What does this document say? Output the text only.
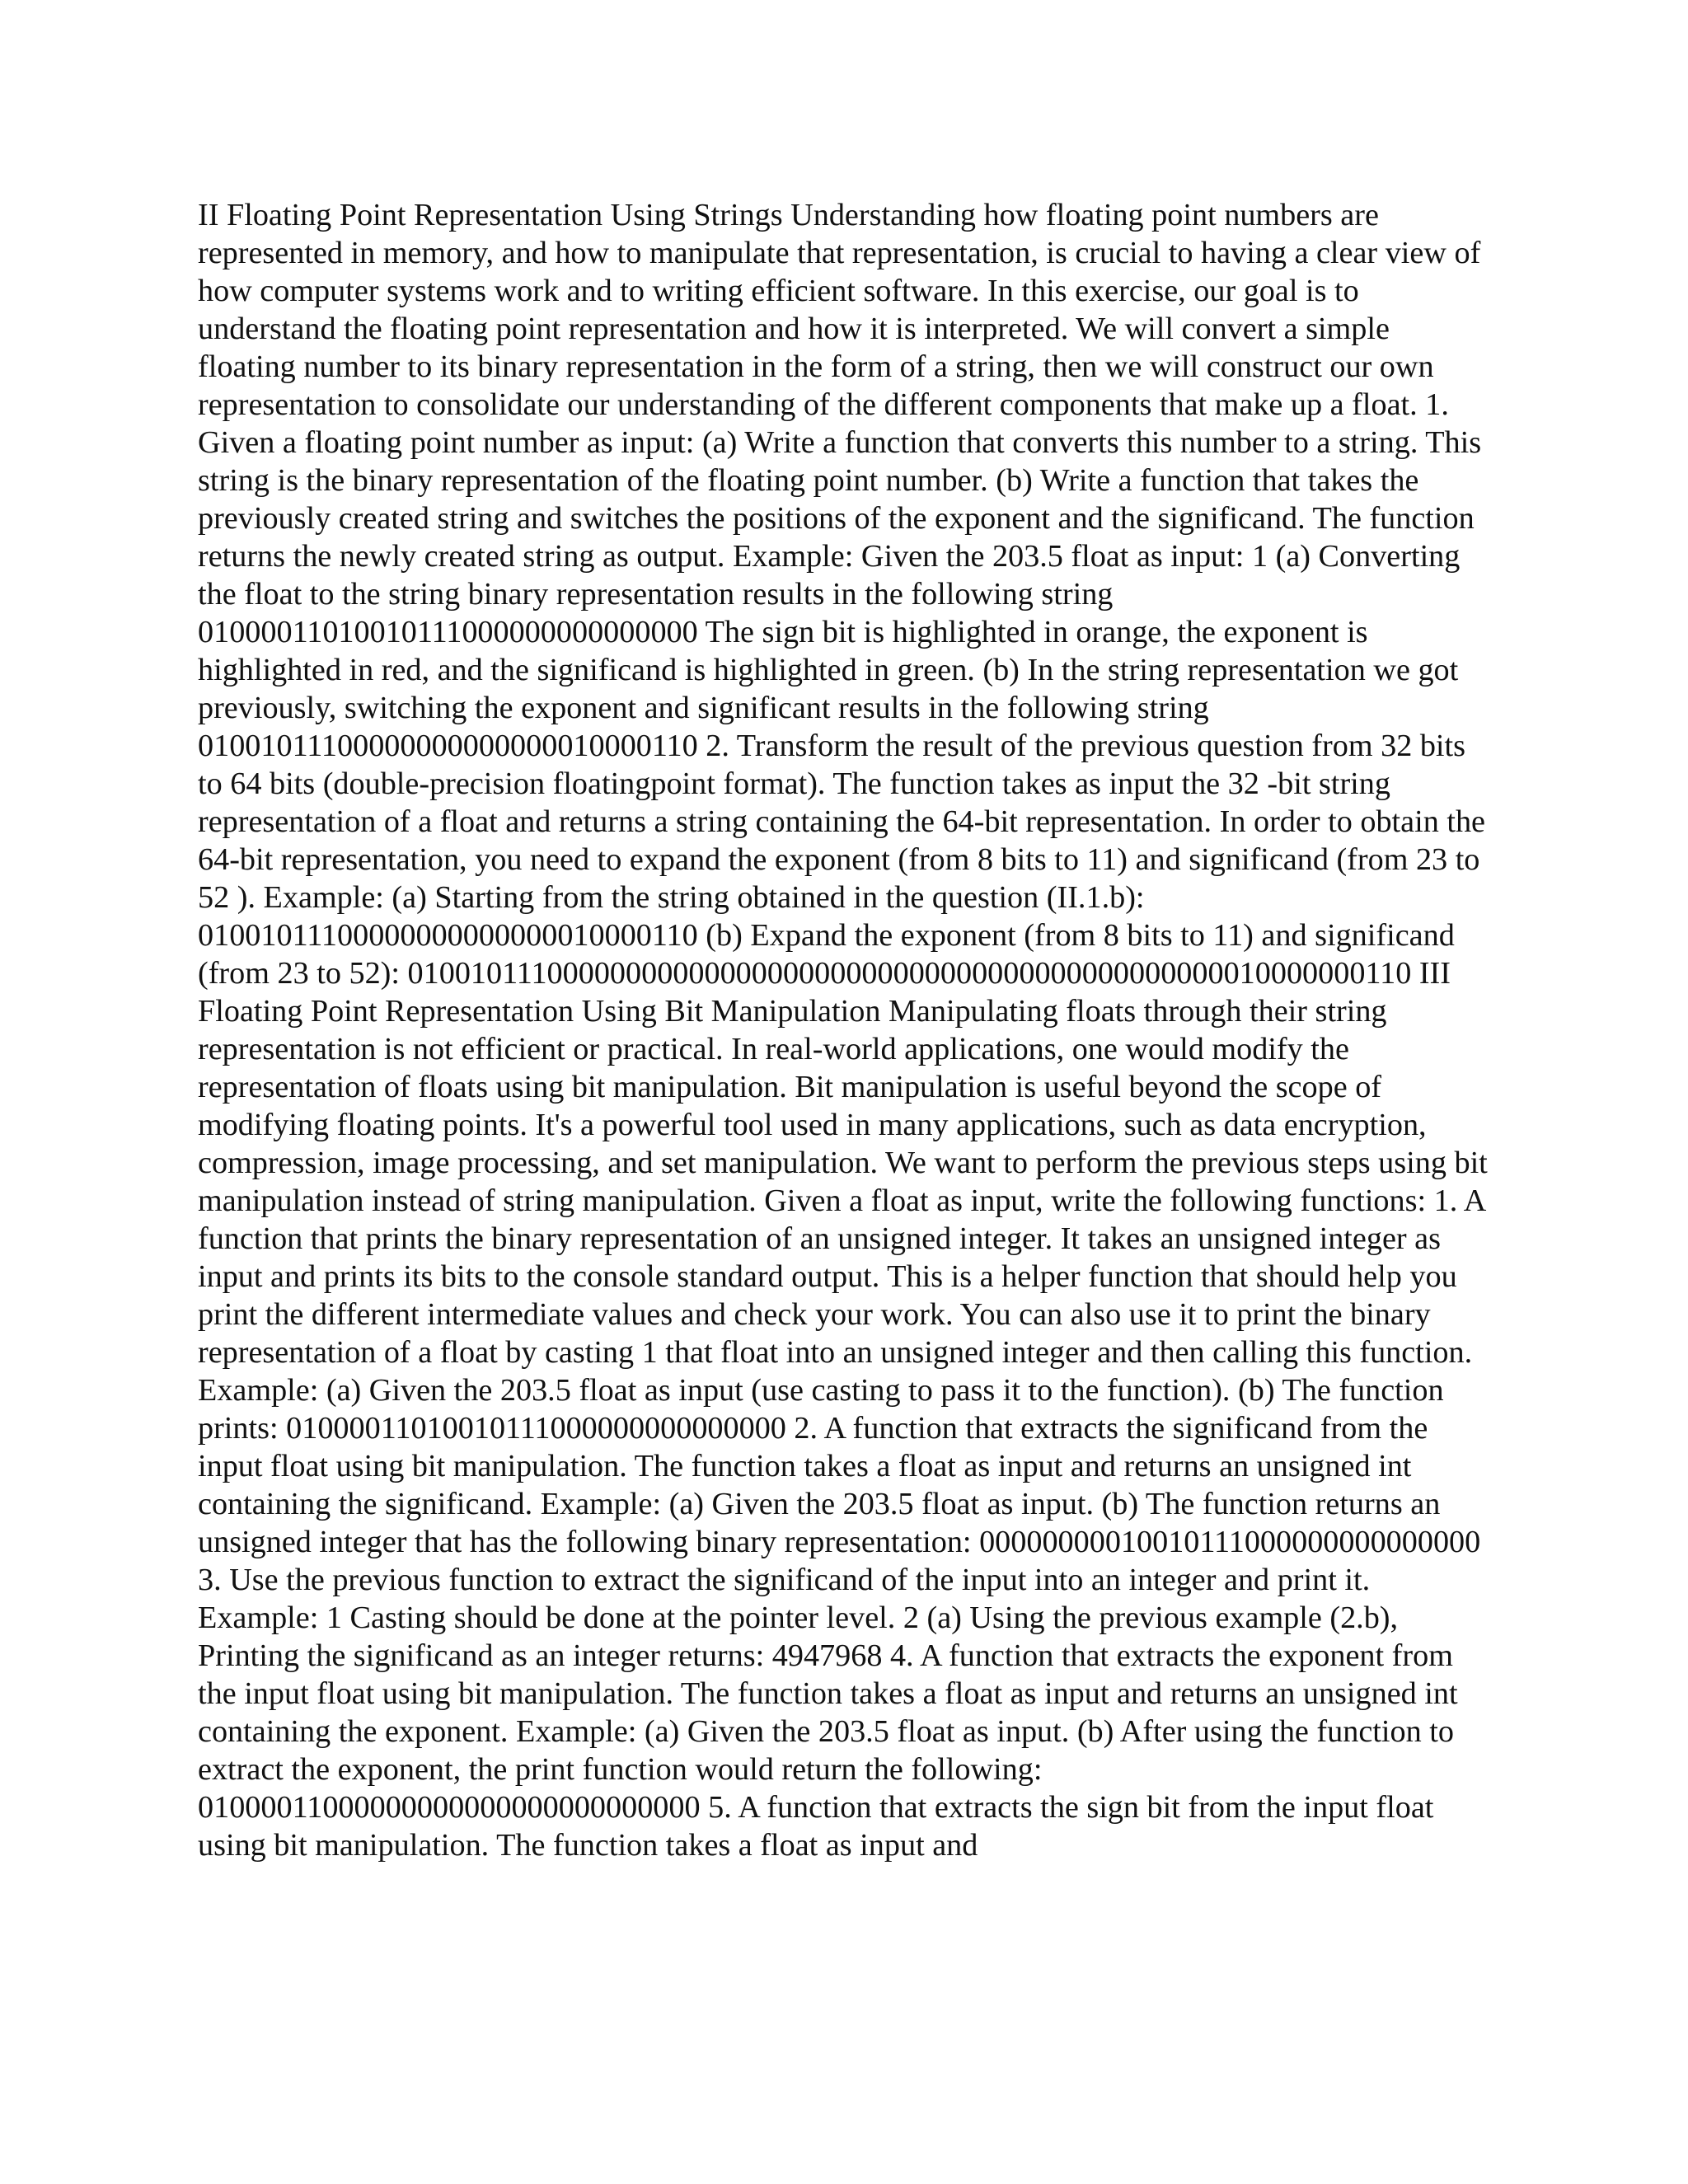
II Floating Point Representation Using Strings Understanding how floating point numbers are represented in memory, and how to manipulate that representation, is crucial to having a clear view of how computer systems work and to writing efficient software. In this exercise, our goal is to understand the floating point representation and how it is interpreted. We will convert a simple floating number to its binary representation in the form of a string, then we will construct our own representation to consolidate our understanding of the different components that make up a float. 1. Given a floating point number as input: (a) Write a function that converts this number to a string. This string is the binary representation of the floating point number. (b) Write a function that takes the previously created string and switches the positions of the exponent and the significand. The function returns the newly created string as output. Example: Given the 203.5 float as input: 1 (a) Converting the float to the string binary representation results in the following string 01000011010010111000000000000000 The sign bit is highlighted in orange, the exponent is highlighted in red, and the significand is highlighted in green. (b) In the string representation we got previously, switching the exponent and significant results in the following string 01001011100000000000000010000110 2. Transform the result of the previous question from 32 bits to 64 bits (double-precision floatingpoint format). The function takes as input the 32 -bit string representation of a float and returns a string containing the 64-bit representation. In order to obtain the 64-bit representation, you need to expand the exponent (from 8 bits to 11) and significand (from 23 to 52 ). Example: (a) Starting from the string obtained in the question (II.1.b): 01001011100000000000000010000110 (b) Expand the exponent (from 8 bits to 11) and significand (from 23 to 52): 0100101110000000000000000000000000000000000000000000010000000110 III Floating Point Representation Using Bit Manipulation Manipulating floats through their string representation is not efficient or practical. In real-world applications, one would modify the representation of floats using bit manipulation. Bit manipulation is useful beyond the scope of modifying floating points. It's a powerful tool used in many applications, such as data encryption, compression, image processing, and set manipulation. We want to perform the previous steps using bit manipulation instead of string manipulation. Given a float as input, write the following functions: 1. A function that prints the binary representation of an unsigned integer. It takes an unsigned integer as input and prints its bits to the console standard output. This is a helper function that should help you print the different intermediate values and check your work. You can also use it to print the binary representation of a float by casting 1 that float into an unsigned integer and then calling this function. Example: (a) Given the 203.5 float as input (use casting to pass it to the function). (b) The function prints: 01000011010010111000000000000000 2. A function that extracts the significand from the input float using bit manipulation. The function takes a float as input and returns an unsigned int containing the significand. Example: (a) Given the 203.5 float as input. (b) The function returns an unsigned integer that has the following binary representation: 00000000010010111000000000000000 3. Use the previous function to extract the significand of the input into an integer and print it. Example: 1 Casting should be done at the pointer level. 2 (a) Using the previous example (2.b), Printing the significand as an integer returns: 4947968 4. A function that extracts the exponent from the input float using bit manipulation. The function takes a float as input and returns an unsigned int containing the exponent. Example: (a) Given the 203.5 float as input. (b) After using the function to extract the exponent, the print function would return the following: 01000011000000000000000000000000 5. A function that extracts the sign bit from the input float using bit manipulation. The function takes a float as input and
